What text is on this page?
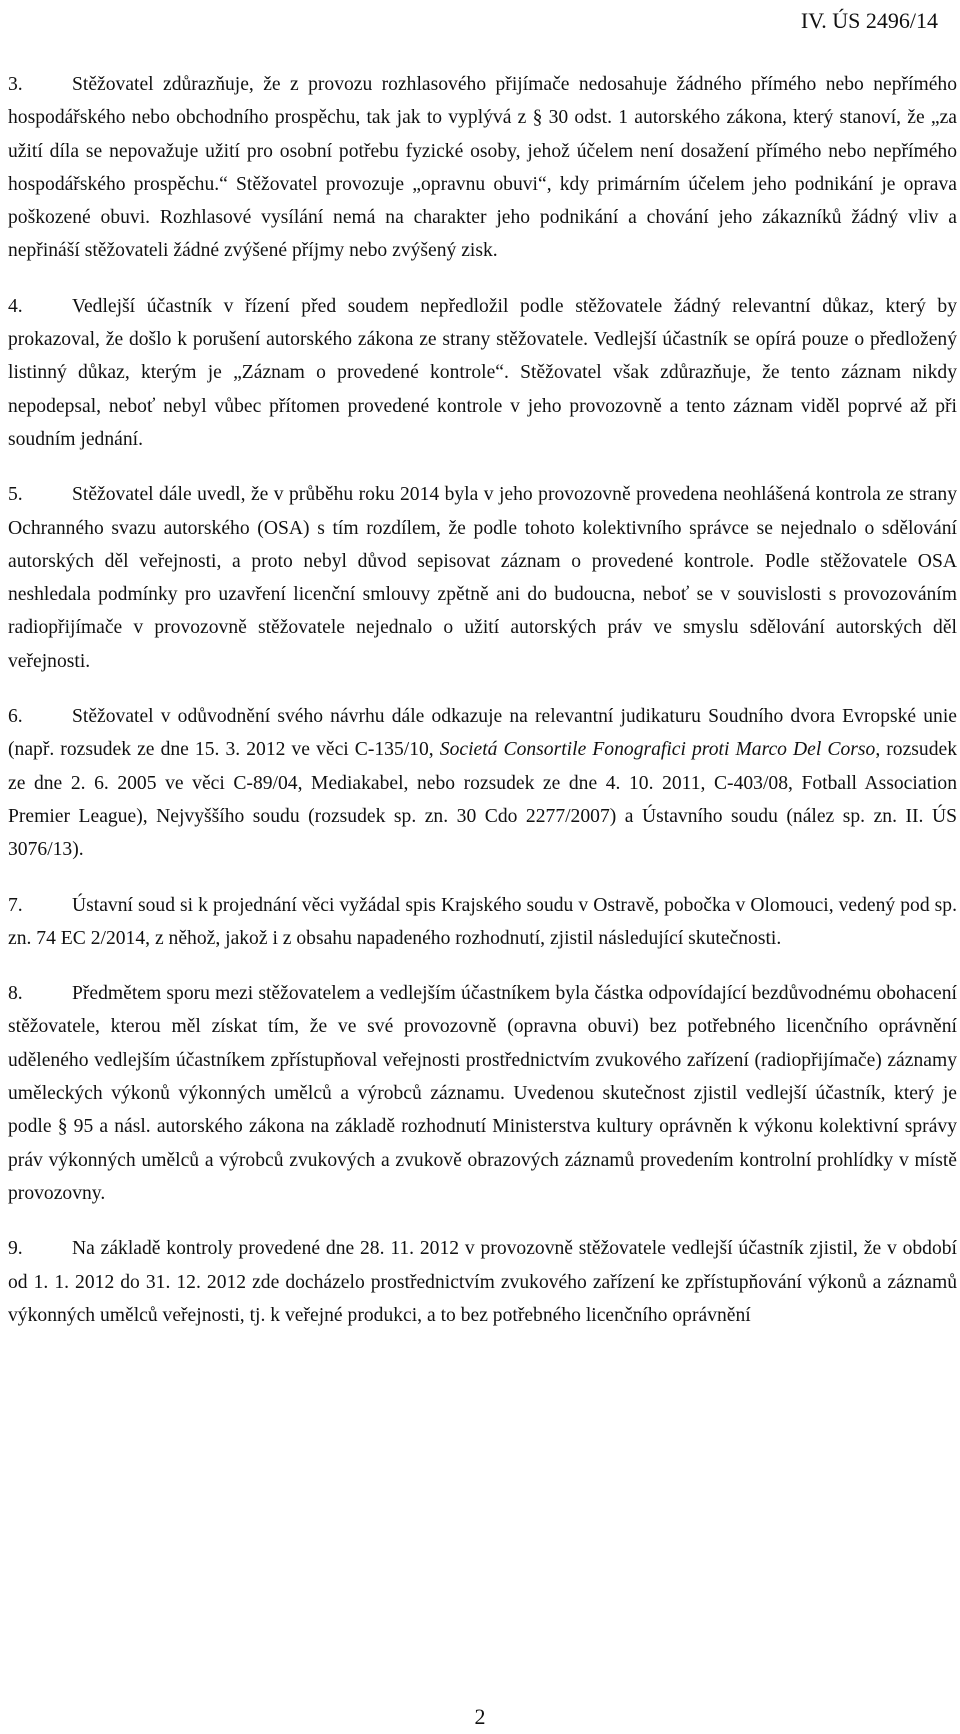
IV. ÚS 2496/14

3.	Stěžovatel zdůrazňuje, že z provozu rozhlasového přijímače nedosahuje žádného přímého nebo nepřímého hospodářského nebo obchodního prospěchu, tak jak to vyplývá z § 30 odst. 1 autorského zákona, který stanoví, že „za užití díla se nepovažuje užití pro osobní potřebu fyzické osoby, jehož účelem není dosažení přímého nebo nepřímého hospodářského prospěchu.“ Stěžovatel provozuje „opravnu obuvi“, kdy primárním účelem jeho podnikání je oprava poškozené obuvi. Rozhlasové vysílání nemá na charakter jeho podnikání a chování jeho zákazníků žádný vliv a nepřináší stěžovateli žádné zvýšené příjmy nebo zvýšený zisk.

4.	Vedlejší účastník v řízení před soudem nepředložil podle stěžovatele žádný relevantní důkaz, který by prokazoval, že došlo k porušení autorského zákona ze strany stěžovatele. Vedlejší účastník se opírá pouze o předložený listinný důkaz, kterým je „Záznam o provedené kontrole“. Stěžovatel však zdůrazňuje, že tento záznam nikdy nepodepsal, neboť nebyl vůbec přítomen provedené kontrole v jeho provozovně a tento záznam viděl poprvé až při soudním jednání.

5.	Stěžovatel dále uvedl, že v průběhu roku 2014 byla v jeho provozovně provedena neohlášená kontrola ze strany Ochranného svazu autorského (OSA) s tím rozdílem, že podle tohoto kolektivního správce se nejednalo o sdělování autorských děl veřejnosti, a proto nebyl důvod sepisovat záznam o provedené kontrole. Podle stěžovatele OSA neshledala podmínky pro uzavření licenční smlouvy zpětně ani do budoucna, neboť se v souvislosti s provozováním radiopřijímače v provozovně stěžovatele nejednalo o užití autorských práv ve smyslu sdělování autorských děl veřejnosti.

6.	Stěžovatel v odůvodnění svého návrhu dále odkazuje na relevantní judikaturu Soudního dvora Evropské unie (např. rozsudek ze dne 15. 3. 2012 ve věci C-135/10, Societá Consortile Fonografici proti Marco Del Corso, rozsudek ze dne 2. 6. 2005 ve věci C-89/04, Mediakabel, nebo rozsudek ze dne 4. 10. 2011, C-403/08, Fotball Association Premier League), Nejvyššího soudu (rozsudek sp. zn. 30 Cdo 2277/2007) a Ústavního soudu (nález sp. zn. II. ÚS 3076/13).

7.	Ústavní soud si k projednání věci vyžádal spis Krajského soudu v Ostravě, pobočka v Olomouci, vedený pod sp. zn. 74 EC 2/2014, z něhož, jakož i z obsahu napadeného rozhodnutí, zjistil následující skutečnosti.

8.	Předmětem sporu mezi stěžovatelem a vedlejším účastníkem byla částka odpovídající bezdůvodnému obohacení stěžovatele, kterou měl získat tím, že ve své provozovně (opravna obuvi) bez potřebného licenčního oprávnění uděleného vedlejším účastníkem zpřístupňoval veřejnosti prostřednictvím zvukového zařízení (radiopřijímače) záznamy uměleckých výkonů výkonných umělců a výrobců záznamu. Uvedenou skutečnost zjistil vedlejší účastník, který je podle § 95 a násl. autorského zákona na základě rozhodnutí Ministerstva kultury oprávněn k výkonu kolektivní správy práv výkonných umělců a výrobců zvukových a zvukově obrazových záznamů provedením kontrolní prohlídky v místě provozovny.

9.	Na základě kontroly provedené dne 28. 11. 2012 v provozovně stěžovatele vedlejší účastník zjistil, že v období od 1. 1. 2012 do 31. 12. 2012 zde docházelo prostřednictvím zvukového zařízení ke zpřístupňování výkonů a záznamů výkonných umělců veřejnosti, tj. k veřejné produkci, a to bez potřebného licenčního oprávnění

2
